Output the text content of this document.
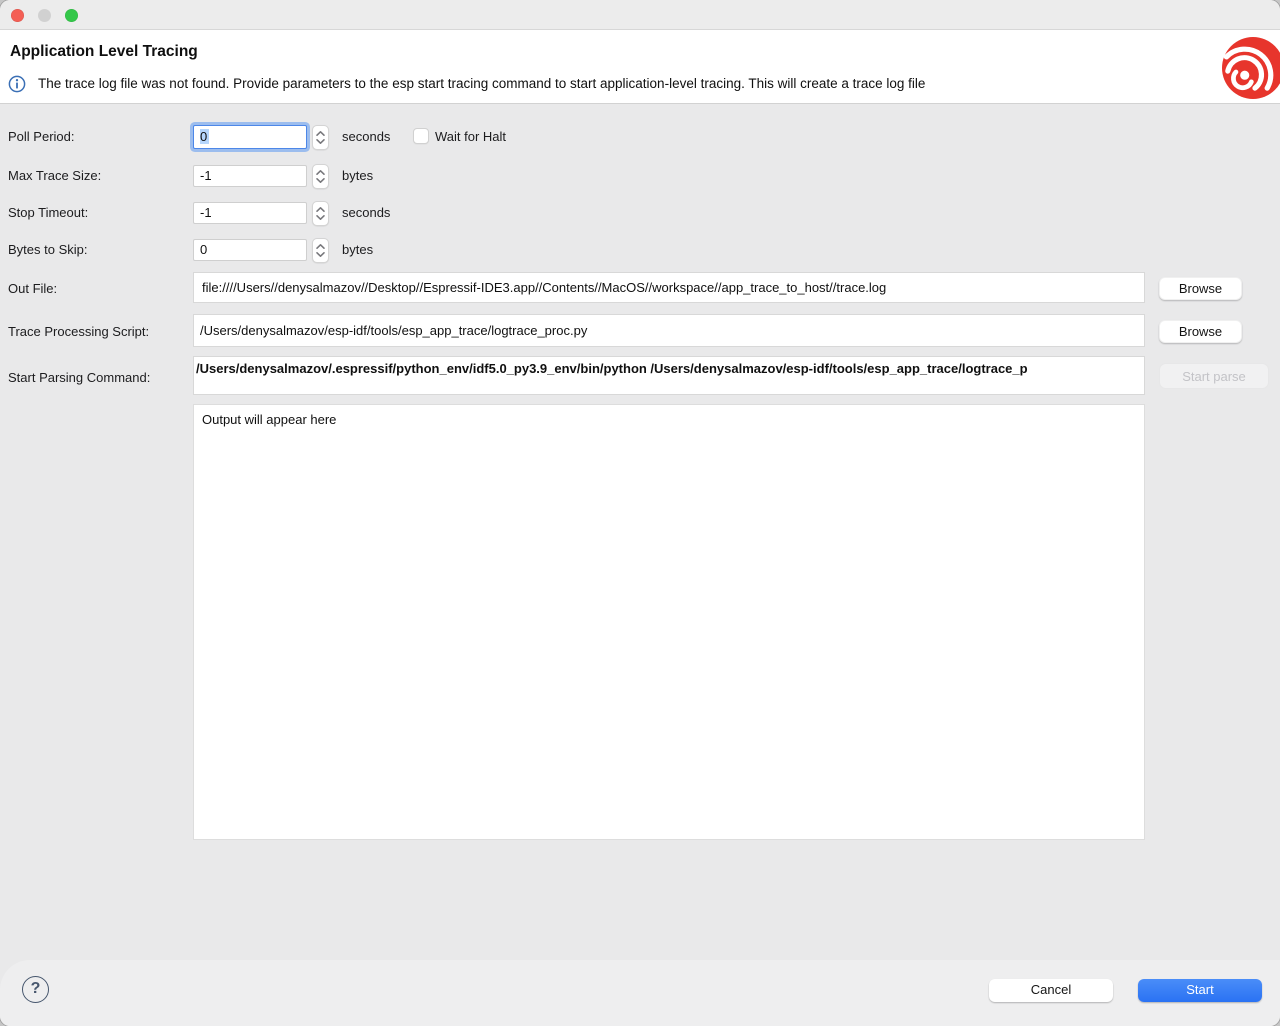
Application Level Tracing
The trace log file was not found. Provide parameters to the esp start tracing command to start application-level tracing. This will create a trace log file
Poll Period:	0	seconds	Wait for Halt
Max Trace Size:	-1	bytes
Stop Timeout:	-1	seconds
Bytes to Skip:	0	bytes
Out File:	file:////Users//denysalmazov//Desktop//Espressif-IDE3.app//Contents//MacOS//workspace//app_trace_to_host//trace.log	Browse
Trace Processing Script:	/Users/denysalmazov/esp-idf/tools/esp_app_trace/logtrace_proc.py	Browse
Start Parsing Command:
/Users/denysalmazov/.espressif/python_env/idf5.0_py3.9_env/bin/python /Users/denysalmazov/esp-idf/tools/esp_app_trace/logtrace_p
Start parse
Output will appear here
?	Cancel	Start
